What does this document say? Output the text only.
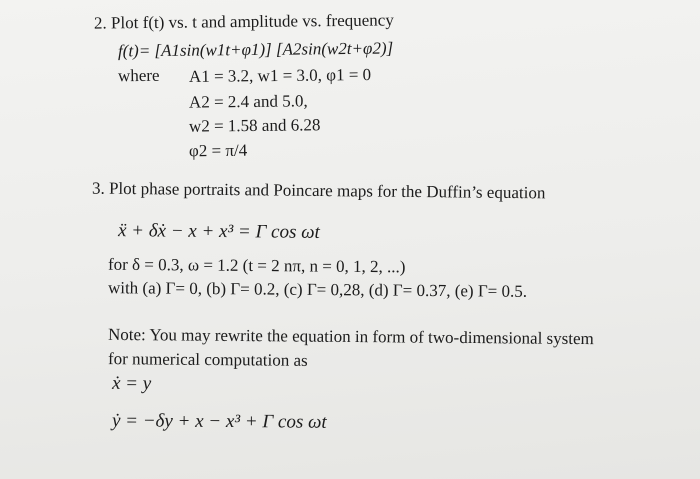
2. Plot f(t) vs. t and amplitude vs. frequency
f(t)= [A1sin(w1t+φ1)] [A2sin(w2t+φ2)]
where A1 = 3.2, w1 = 3.0, φ1 = 0
A2 = 2.4 and 5.0,
w2 = 1.58 and 6.28
φ2 = π/4
3. Plot phase portraits and Poincare maps for the Duffin’s equation
ẍ + δẋ − x + x³ = Γ cos ωt
for δ = 0.3, ω = 1.2 (t = 2 nπ, n = 0, 1, 2, ...)
with (a) Γ= 0, (b) Γ= 0.2, (c) Γ= 0,28, (d) Γ= 0.37, (e) Γ= 0.5.
Note: You may rewrite the equation in form of two-dimensional system
for numerical computation as
ẋ = y
ẏ = −δy + x − x³ + Γ cos ωt
